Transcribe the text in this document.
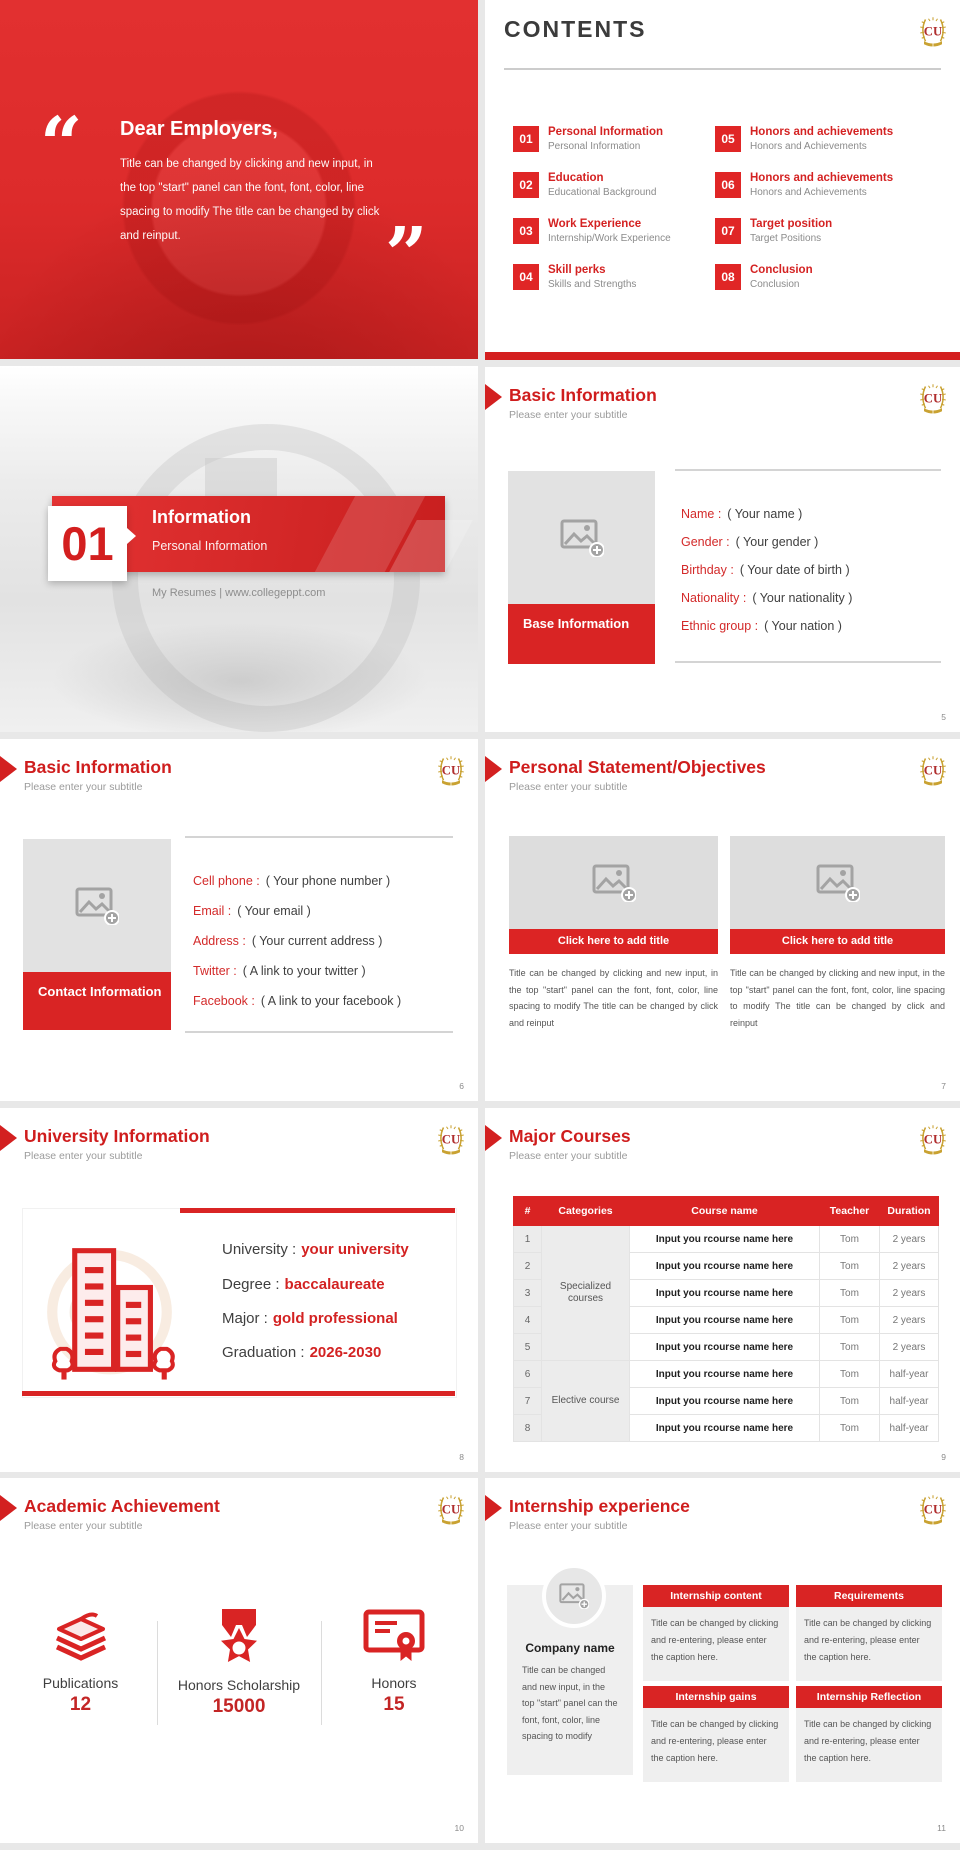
“ Dear Employers,
Title can be changed by clicking and new input, in the top "start" panel can the font, font, color, line spacing to modify The title can be changed by click and reinput.	”
CONTENTS
01	Personal Information
Personal Information
02	Education
Educational Background
03	Work Experience
Internship/Work Experience
04	Skill perks
Skills and Strengths
05	Honors and achievements
Honors and Achievements
06	Honors and achievements
Honors and Achievements
07	Target position
Target Positions
08	Conclusion
Conclusion
Information
Personal Information
01
My Resumes | www.collegeppt.com
Basic Information
Please enter your subtitle
Base Information
Name : ( Your name )
Gender : ( Your gender )
Birthday : ( Your date of birth )
Nationality : ( Your nationality )
Ethnic group : ( Your nation )
5
Basic Information
Please enter your subtitle
Contact Information
Cell phone : ( Your phone number )
Email : ( Your email )
Address : ( Your current address )
Twitter : ( A link to your twitter )
Facebook : ( A link to your facebook )
6
Personal Statement/Objectives
Please enter your subtitle
Click here to add title
Title can be changed by clicking and new input, in the top "start" panel can the font, font, color, line spacing to modify The title can be changed by click and reinput
Click here to add title
Title can be changed by clicking and new input, in the top "start" panel can the font, font, color, line spacing to modify The title can be changed by click and reinput
7
University Information
Please enter your subtitle
University : your university
Degree : baccalaureate
Major : gold professional
Graduation : 2026-2030
8
Major Courses
Please enter your subtitle
#	Categories	Course name	Teacher	Duration
1	Specialized courses	Input you rcourse name here	Tom	2 years
2		Input you rcourse name here	Tom	2 years
3		Input you rcourse name here	Tom	2 years
4		Input you rcourse name here	Tom	2 years
5		Input you rcourse name here	Tom	2 years
6	Elective course	Input you rcourse name here	Tom	half-year
7		Input you rcourse name here	Tom	half-year
8		Input you rcourse name here	Tom	half-year
9
Academic Achievement
Please enter your subtitle
Publications
12
Honors Scholarship
15000
Honors
15
10
Internship experience
Please enter your subtitle
Company name
Title can be changed and new input, in the top "start" panel can the font, font, color, line spacing to modify
Internship content
Title can be changed by clicking and re-entering, please enter the caption here.
Requirements
Title can be changed by clicking and re-entering, please enter the caption here.
Internship gains
Title can be changed by clicking and re-entering, please enter the caption here.
Internship Reflection
Title can be changed by clicking and re-entering, please enter the caption here.
11
